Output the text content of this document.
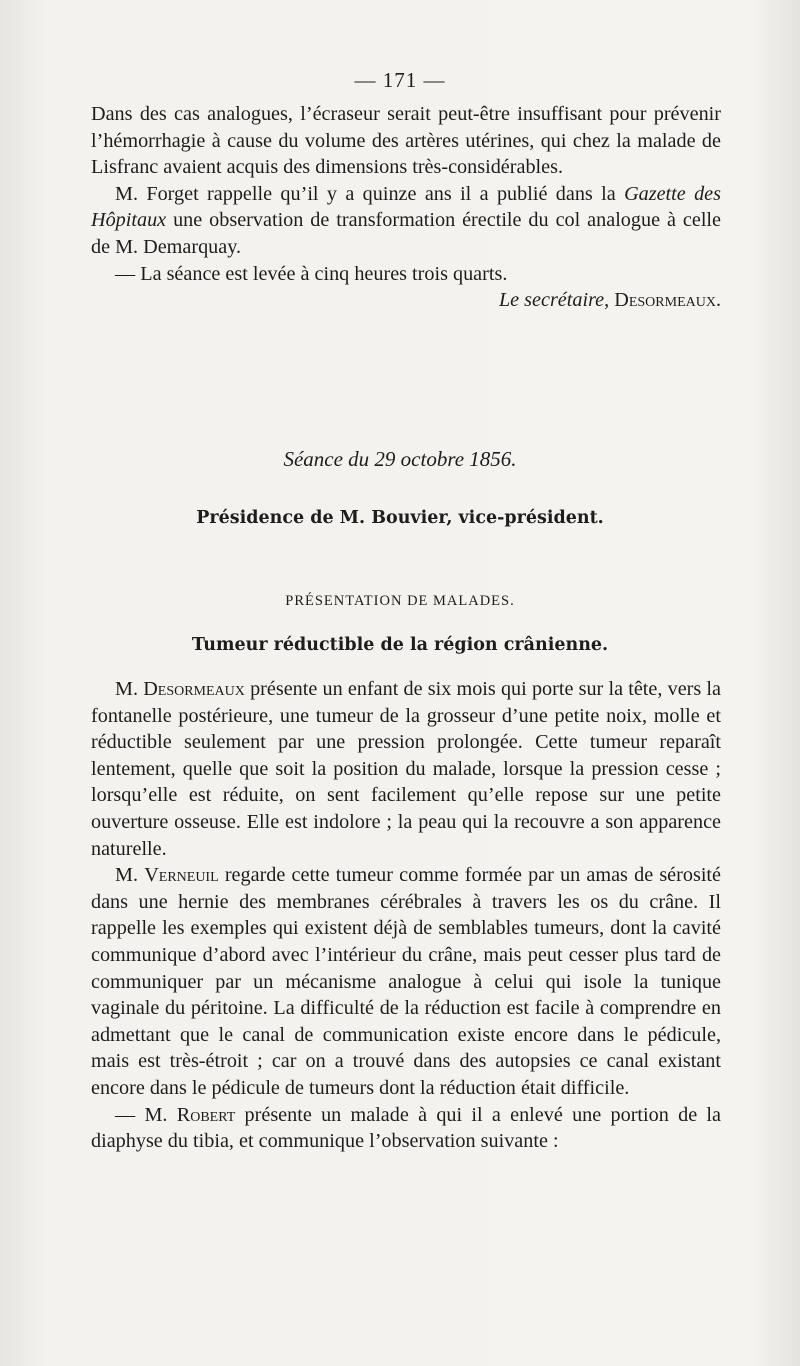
— 171 —

Dans des cas analogues, l’écraseur serait peut-être insuffisant pour prévenir l’hémorrhagie à cause du volume des artères utérines, qui chez la malade de Lisfranc avaient acquis des dimensions très-considérables.

M. Forget rappelle qu’il y a quinze ans il a publié dans la Gazette des Hôpitaux une observation de transformation érectile du col analogue à celle de M. Demarquay.

— La séance est levée à cinq heures trois quarts.

Le secrétaire, Desormeaux.
Séance du 29 octobre 1856.
Présidence de M. Bouvier, vice-président.
PRÉSENTATION DE MALADES.
Tumeur réductible de la région crânienne.

M. Desormeaux présente un enfant de six mois qui porte sur la tête, vers la fontanelle postérieure, une tumeur de la grosseur d’une petite noix, molle et réductible seulement par une pression prolongée. Cette tumeur reparaît lentement, quelle que soit la position du malade, lorsque la pression cesse ; lorsqu’elle est réduite, on sent facilement qu’elle repose sur une petite ouverture osseuse. Elle est indolore ; la peau qui la recouvre a son apparence naturelle.

M. Verneuil regarde cette tumeur comme formée par un amas de sérosité dans une hernie des membranes cérébrales à travers les os du crâne. Il rappelle les exemples qui existent déjà de semblables tumeurs, dont la cavité communique d’abord avec l’intérieur du crâne, mais peut cesser plus tard de communiquer par un mécanisme analogue à celui qui isole la tunique vaginale du péritoine. La difficulté de la réduction est facile à comprendre en admettant que le canal de communication existe encore dans le pédicule, mais est très-étroit ; car on a trouvé dans des autopsies ce canal existant encore dans le pédicule de tumeurs dont la réduction était difficile.

— M. Robert présente un malade à qui il a enlevé une portion de la diaphyse du tibia, et communique l’observation suivante :
